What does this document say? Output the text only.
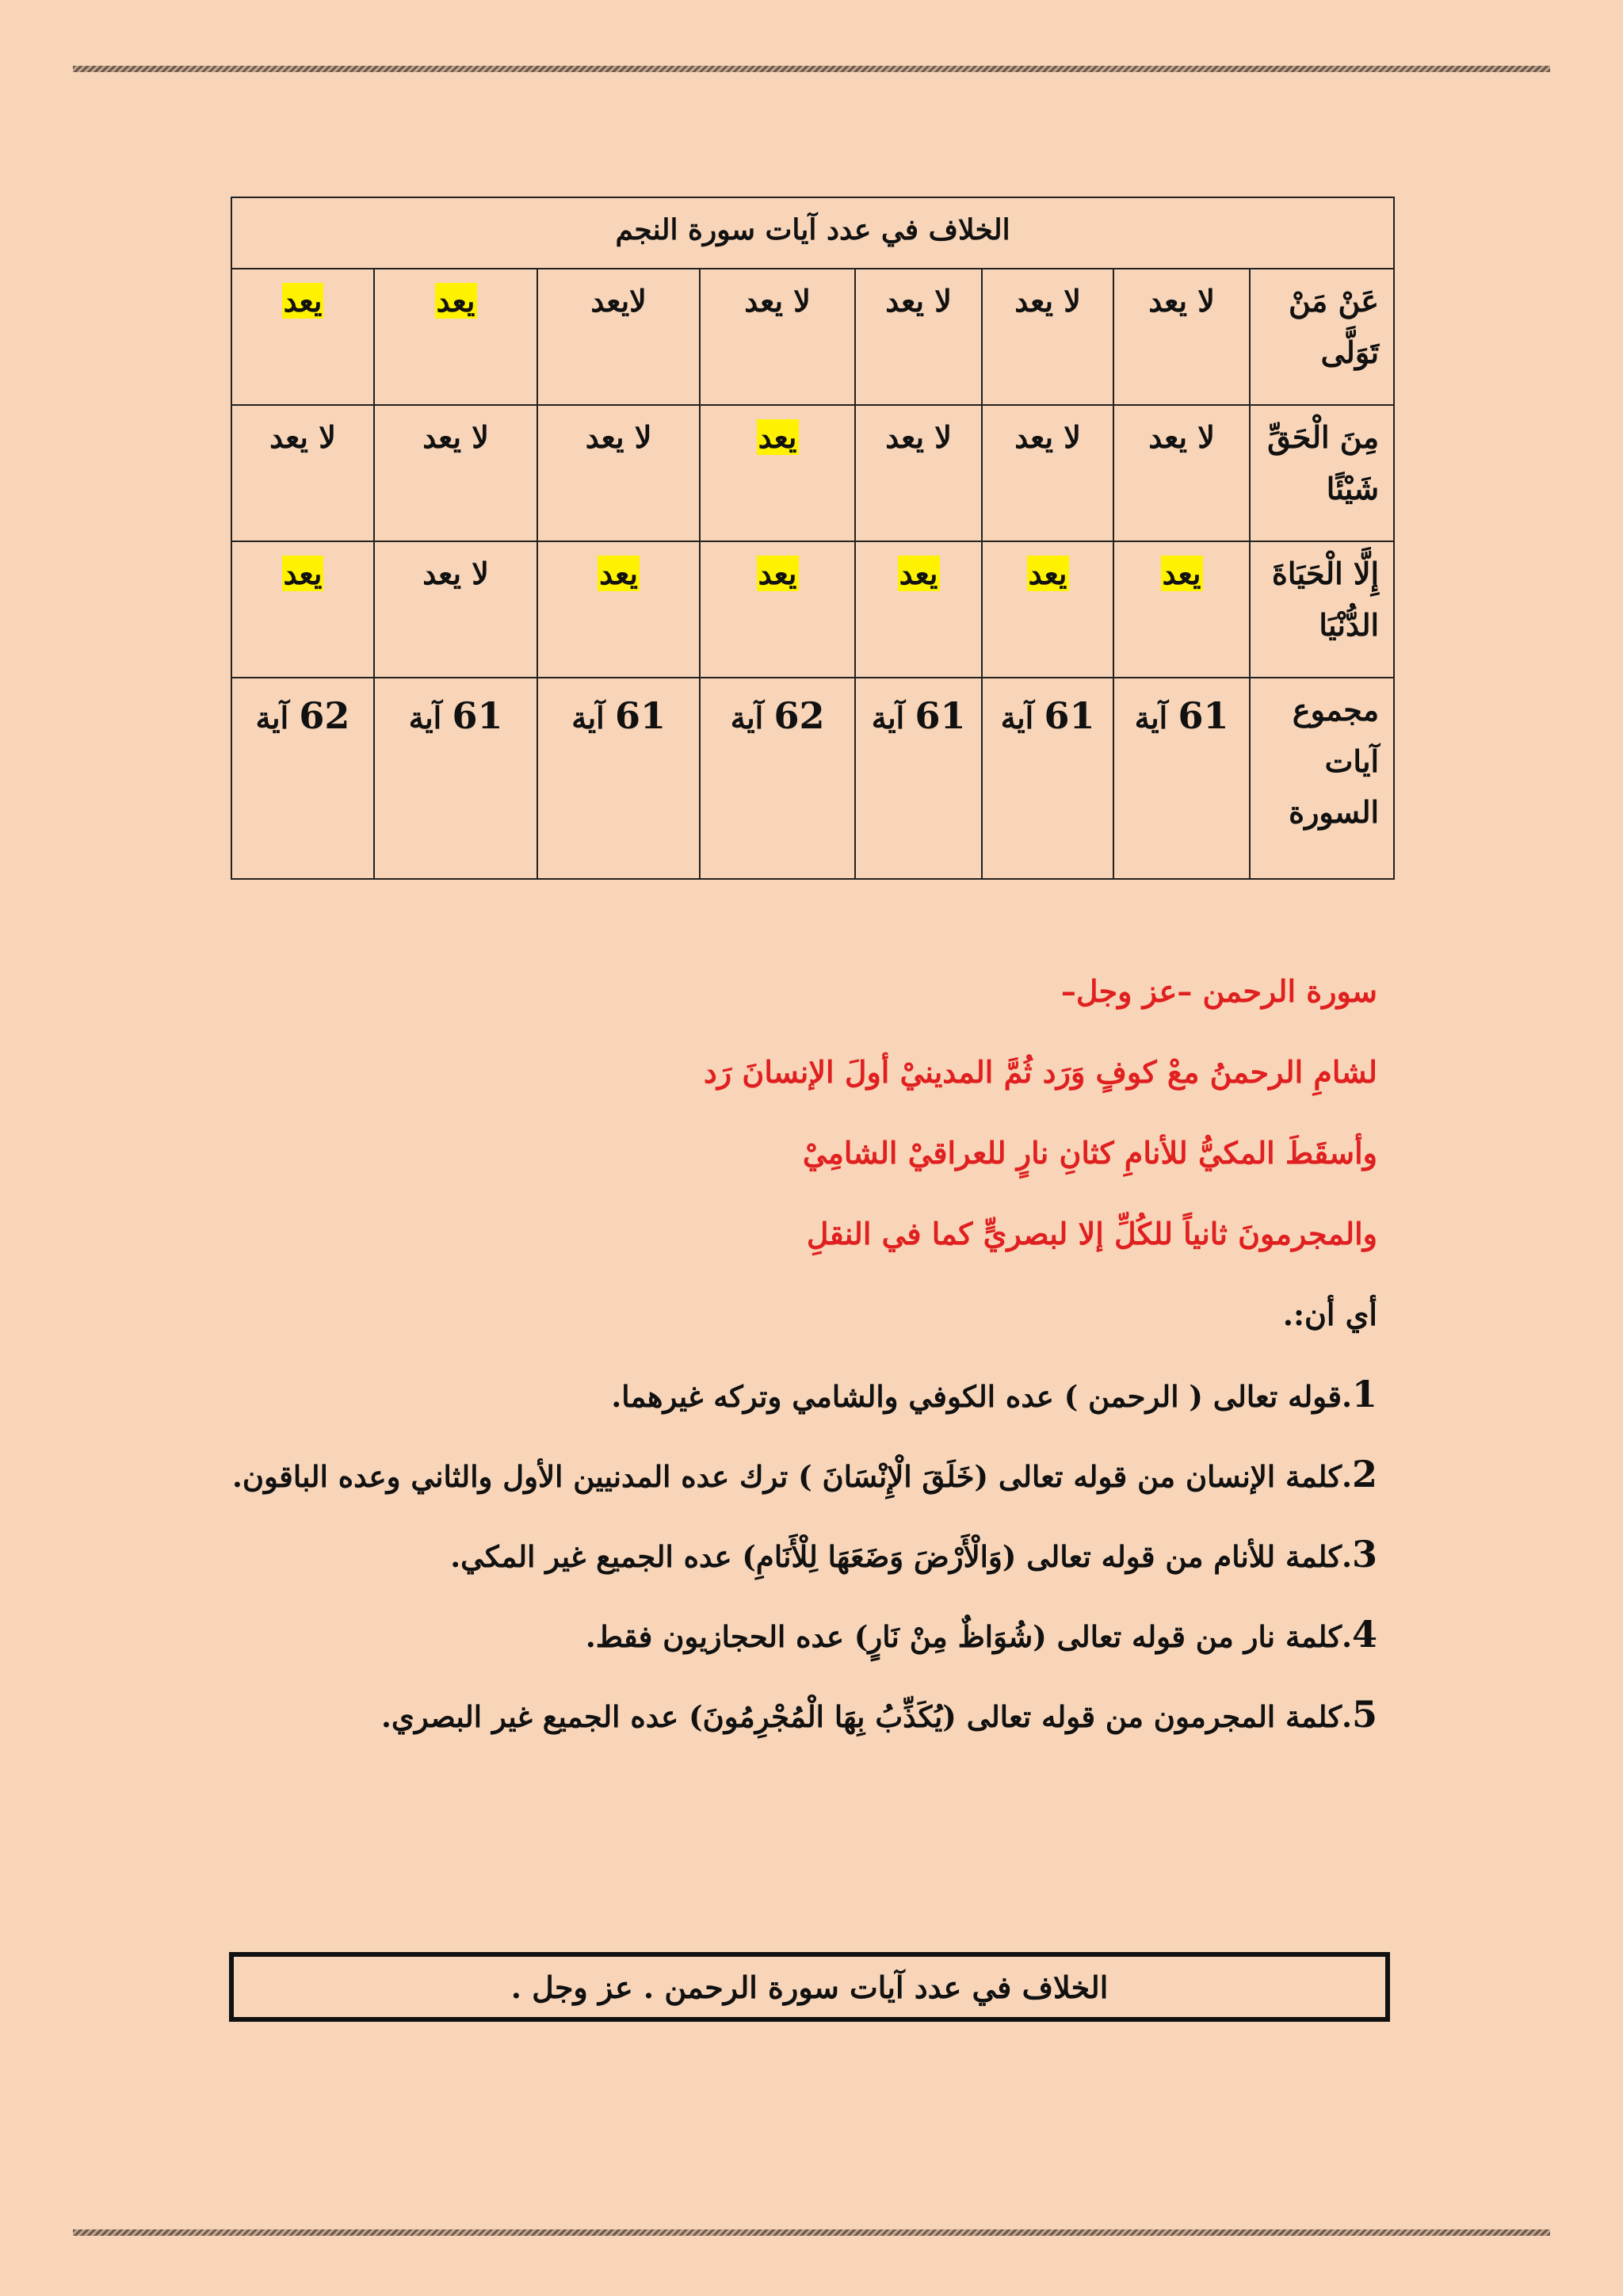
الخلاف في عدد آيات سورة النجم							
عَنْ مَنْ تَوَلَّى	لا يعد	لا يعد	لا يعد	لا يعد	لايعد	يعد	يعد
مِنَ الْحَقِّ شَيْئًا	لا يعد	لا يعد	لا يعد	يعد	لا يعد	لا يعد	لا يعد
إِلَّا الْحَيَاةَ الدُّنْيَا	يعد	يعد	يعد	يعد	يعد	لا يعد	يعد
مجموع آيات السورة	61 آية	61 آية	61 آية	62 آية	61 آية	61 آية	62 آية

سورة الرحمن –عز وجل–

لشامِ الرحمنُ معْ كوفٍ وَرَد ثُمَّ المدينيْ أولَ الإنسانَ رَد

وأسقَطَ المكيُّ للأنامِ كثانِ نارٍ للعراقيْ الشامِيْ

والمجرمونَ ثانياً للكُلِّ إلا لبصريٍّ كما في النقلِ

أي أن:.

1.قوله تعالى ( الرحمن ) عده الكوفي والشامي وتركه غيرهما.

2.كلمة الإنسان من قوله تعالى (خَلَقَ الْإِنْسَانَ ) ترك عده المدنيين الأول والثاني وعده الباقون.

3.كلمة للأنام من قوله تعالى (وَالْأَرْضَ وَضَعَهَا لِلْأَنَامِ) عده الجميع غير المكي.

4.كلمة نار من قوله تعالى (شُوَاظٌ مِنْ نَارٍ) عده الحجازيون فقط.

5.كلمة المجرمون من قوله تعالى (يُكَذِّبُ بِهَا الْمُجْرِمُونَ) عده الجميع غير البصري.

الخلاف في عدد آيات سورة الرحمن . عز وجل .
